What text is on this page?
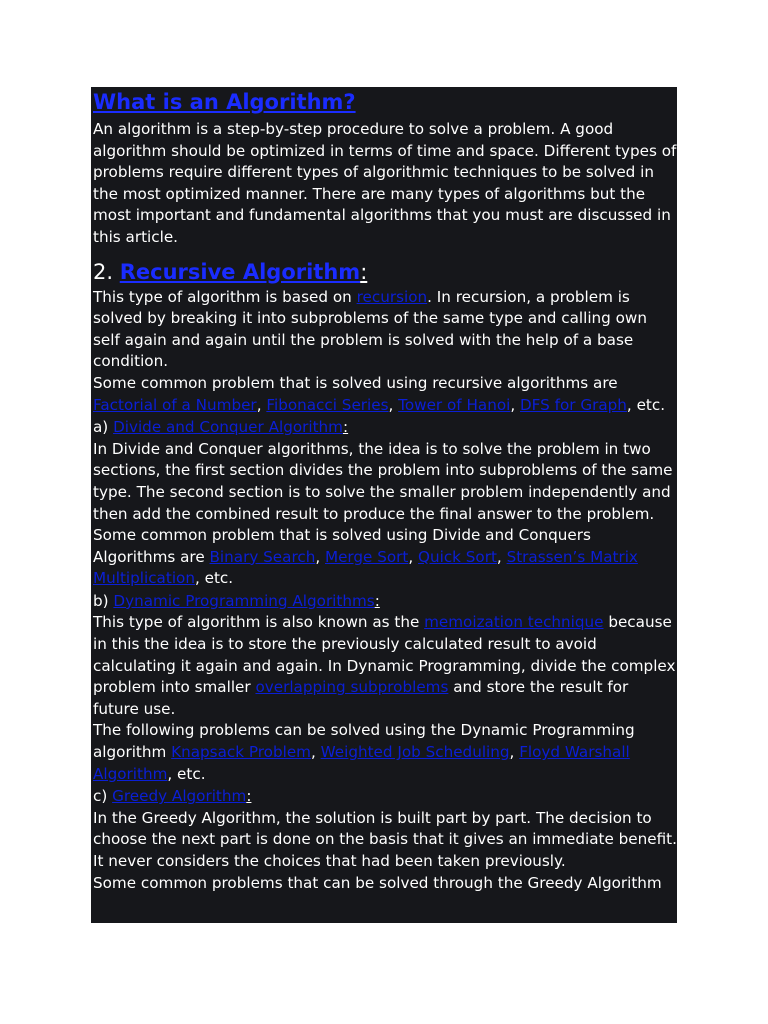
What is an Algorithm?

An algorithm is a step-by-step procedure to solve a problem. A good algorithm should be optimized in terms of time and space. Different types of problems require different types of algorithmic techniques to be solved in the most optimized manner. There are many types of algorithms but the most important and fundamental algorithms that you must are discussed in this article.

2. Recursive Algorithm:

This type of algorithm is based on recursion. In recursion, a problem is solved by breaking it into subproblems of the same type and calling own self again and again until the problem is solved with the help of a base condition.

Some common problem that is solved using recursive algorithms are Factorial of a Number, Fibonacci Series, Tower of Hanoi, DFS for Graph, etc.

a) Divide and Conquer Algorithm:

In Divide and Conquer algorithms, the idea is to solve the problem in two sections, the first section divides the problem into subproblems of the same type. The second section is to solve the smaller problem independently and then add the combined result to produce the final answer to the problem.

Some common problem that is solved using Divide and Conquers Algorithms are Binary Search, Merge Sort, Quick Sort, Strassen’s Matrix Multiplication, etc.

b) Dynamic Programming Algorithms:

This type of algorithm is also known as the memoization technique because in this the idea is to store the previously calculated result to avoid calculating it again and again. In Dynamic Programming, divide the complex problem into smaller overlapping subproblems and store the result for future use.

The following problems can be solved using the Dynamic Programming algorithm Knapsack Problem, Weighted Job Scheduling, Floyd Warshall Algorithm, etc.

c) Greedy Algorithm:

In the Greedy Algorithm, the solution is built part by part. The decision to choose the next part is done on the basis that it gives an immediate benefit. It never considers the choices that had been taken previously.

Some common problems that can be solved through the Greedy Algorithm
